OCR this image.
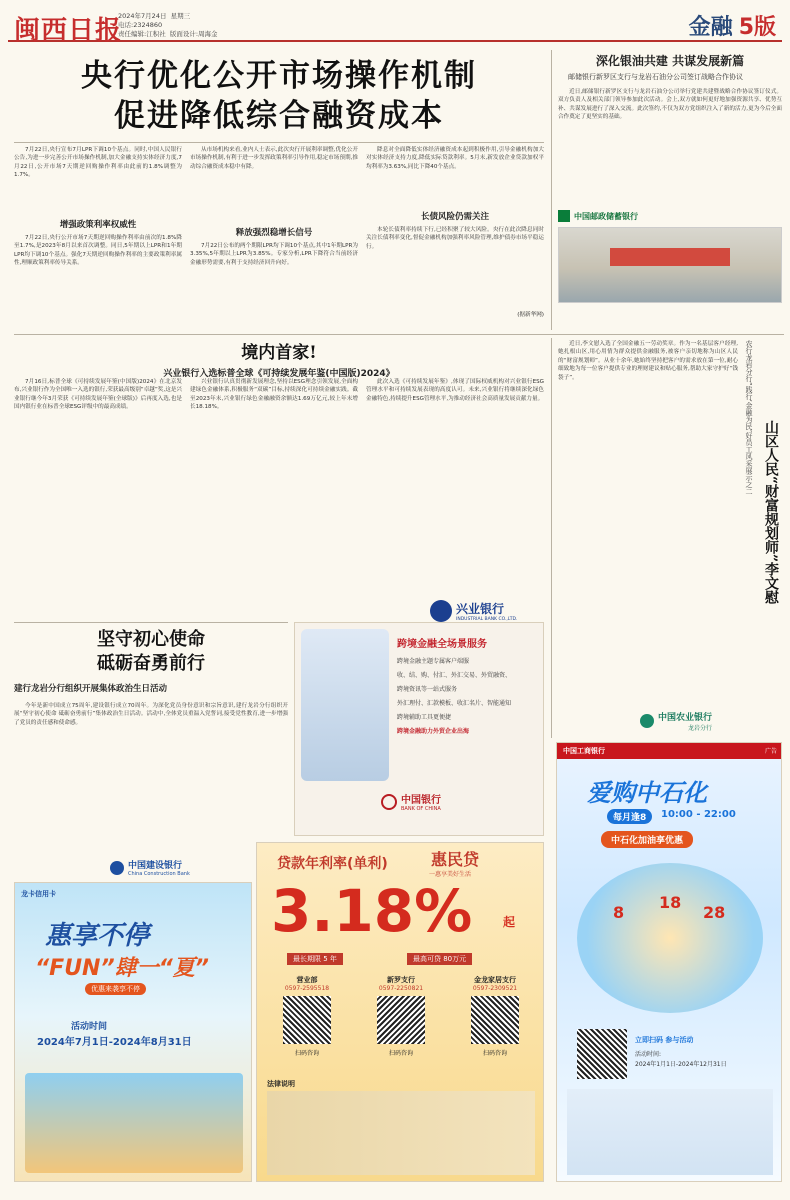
闽西日报
2024年7月24日 星期三
电话:2324860
责任编辑:江积社 版面设计:周海金	金融 5版
央行优化公开市场操作机制
促进降低综合融资成本
7月22日,央行宣布7月LPR下调10个基点。同时,中国人民银行公告,为进一步完善公开市场操作机制,加大金融支持实体经济力度,7月22日,公开市场7天期逆回购操作利率由此前的1.8%调整为1.7%。
增强政策利率权威性
7月22日,央行公开市场7天期逆回购操作利率由前次的1.8%降至1.7%,是2023年8月以来首次调整。同日,5年期以上LPR和1年期LPR均下调10个基点。强化7天期逆回购操作利率的主要政策利率属性,理顺政策利率传导关系。
从市场机构来看,业内人士表示,此次央行开展利率调整,优化公开市场操作机制,有利于进一步发挥政策利率引导作用,稳定市场预期,推动综合融资成本稳中有降。
释放强烈稳增长信号
7月22日公布的两个期限LPR均下调10个基点,其中1年期LPR为3.35%,5年期以上LPR为3.85%。专家分析,LPR下降符合当前经济金融形势需要,有利于支持经济回升向好。
降息对全面降低实体经济融资成本起到积极作用,引导金融机构加大对实体经济支持力度,降低实际贷款利率。5月末,新发放企业贷款加权平均利率为3.63%,同比下降40个基点。
长债风险仍需关注
本轮长债利率持续下行,已经积聚了较大风险。央行在此次降息同时关注长债利率变化,督促金融机构加强利率风险管理,维护债券市场平稳运行。
(据新华网)
深化银油共建 共谋发展新篇
邮储银行新罗区支行与龙岩石油分公司签订战略合作协议
近日,邮储银行新罗区支行与龙岩石油分公司举行党建共建暨战略合作协议签订仪式。双方负责人及相关部门领导参加此次活动。会上,双方就如何更好地加强资源共享、优势互补、共谋发展进行了深入交流。此次签约,不仅为双方党组织注入了新的活力,更为今后全面合作奠定了更坚实的基础。
中国邮政储蓄银行
境内首家!
兴业银行入选标普全球《可持续发展年鉴(中国版)2024》
7月16日,标普全球《可持续发展年鉴(中国版)2024》在北京发布,兴业银行作为全国唯一入选的银行,荣获最高级别“卓越”奖,这是兴业银行继今年3月荣获《可持续发展年鉴(全球版)》后再度入选,也是国内银行业在标普全球ESG评级中的最高成绩。
兴业银行认真贯彻新发展理念,坚持以ESG理念引领发展,全面构建绿色金融体系,积极服务“双碳”目标,持续深化可持续金融实践。截至2023年末,兴业银行绿色金融融资余额达1.69万亿元,较上年末增长18.18%。
此次入选《可持续发展年鉴》,体现了国际权威机构对兴业银行ESG管理水平和可持续发展表现的高度认可。未来,兴业银行将继续深化绿色金融特色,持续提升ESG管理水平,为推动经济社会高质量发展贡献力量。
兴业银行
INDUSTRIAL BANK CO.,LTD.
近日,李文慰入选了全国金融五一劳动奖章。作为一名基层客户经理,她扎根山区,用心用情为群众提供金融服务,被客户亲切地称为山区人民的“财富规划师”。从业十余年,她始终坚持把客户的需求放在第一位,耐心细致地为每一位客户提供专业的理财建议和贴心服务,帮助大家守护好“钱袋子”。
山区人民“财富规划师”李文慰
农行龙岩分行“践行‘金融为民’好员工风采展示之二
中国农业银行
龙岩分行
坚守初心使命
砥砺奋勇前行
建行龙岩分行组织开展集体政治生日活动
今年是新中国成立75周年,建设银行成立70周年。为深化党员身份意识和宗旨意识,建行龙岩分行组织开展“坚守初心使命 砥砺奋勇前行”集体政治生日活动。活动中,全体党员重温入党誓词,接受党性教育,进一步增强了党员的责任感和使命感。
中国建设银行
China Construction Bank
龙卡信用卡
惠享不停
“FUN”肆一“夏”
优惠来袭享不停
活动时间
2024年7月1日-2024年8月31日
跨境金融全场景服务
跨境金融主题专属客户端服
收、结、购、付汇、外汇交易、外贸融资、
跨境资讯等一站式服务
外汇理付、汇款模板、收汇名片、智能通知
跨境辅助工具更便捷
跨境金融助力外贸企业出海
中国银行
BANK OF CHINA
贷款年利率(单利)	惠民贷
一惠享美好生活
3.18%	起
最长期限 5 年	最高可贷 80万元
营业部
0597-2595518
扫码咨询
新罗支行
0597-2250821
扫码咨询
金龙家居支行
0597-2309521
扫码咨询
法律说明
中国工商银行	广告
爱购中石化
每月逢8	10:00 - 22:00
中石化加油享优惠
8
18
28
立即扫码 参与活动
活动时间:
2024年1月1日-2024年12月31日
